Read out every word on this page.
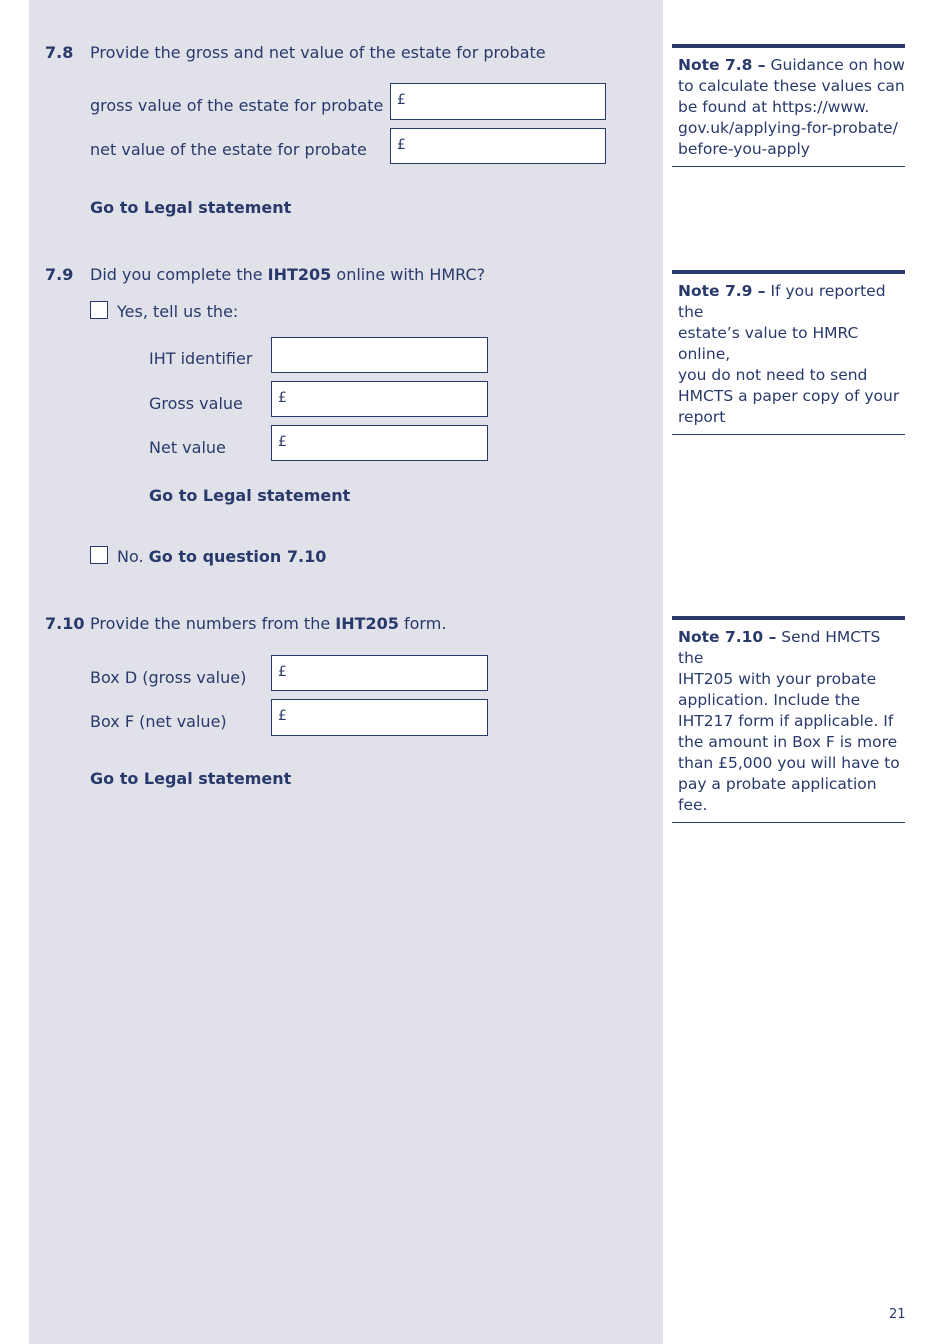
7.8 Provide the gross and net value of the estate for probate
gross value of the estate for probate £
net value of the estate for probate	£
Go to Legal statement
7.9 Did you complete the IHT205 online with HMRC?
Yes, tell us the:
IHT identifier
Gross value	£
Net value	£
Go to Legal statement
No. Go to question 7.10
7.10 Provide the numbers from the IHT205 form.
Box D (gross value)	£
Box F (net value)	£
Go to Legal statement
Note 7.8 – Guidance on how
to calculate these values can
be found at https://www.
gov.uk/applying-for-probate/
before-you-apply
Note 7.9 – If you reported the
estate’s value to HMRC online,
you do not need to send
HMCTS a paper copy of your
report
Note 7.10 – Send HMCTS the
IHT205 with your probate
application. Include the
IHT217 form if applicable. If
the amount in Box F is more
than £5,000 you will have to
pay a probate application fee.
21
